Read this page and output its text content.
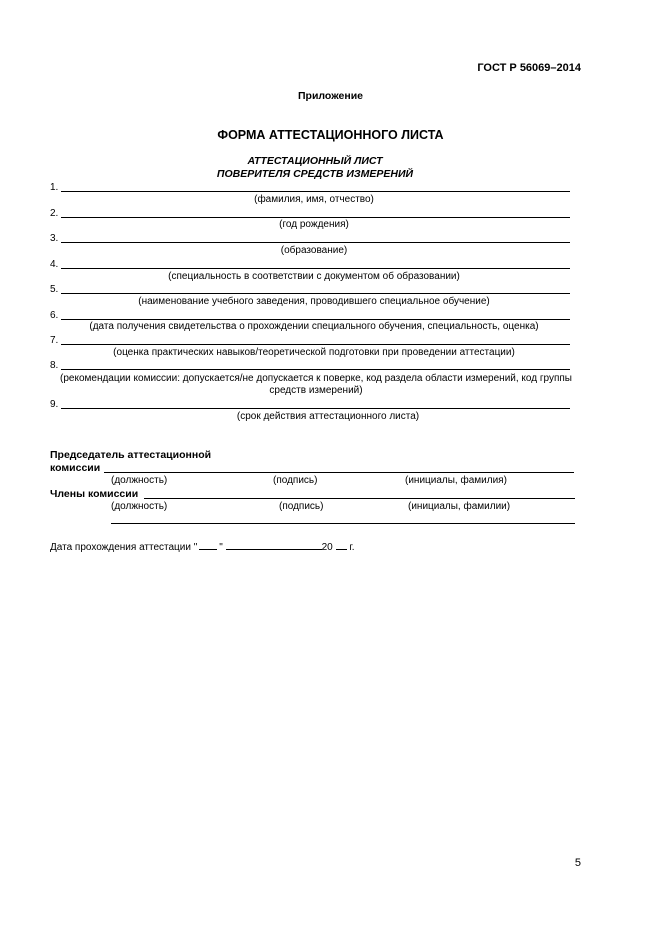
ГОСТ Р 56069–2014
Приложение
ФОРМА АТТЕСТАЦИОННОГО ЛИСТА
АТТЕСТАЦИОННЫЙ ЛИСТ
ПОВЕРИТЕЛЯ СРЕДСТВ ИЗМЕРЕНИЙ
1.
(фамилия, имя, отчество)
2.
(год рождения)
3.
(образование)
4.
(специальность в соответствии с документом об образовании)
5.
(наименование учебного заведения, проводившего специальное обучение)
6.
(дата получения свидетельства о прохождении специального обучения, специальность, оценка)
7.
(оценка практических навыков/теоретической подготовки при проведении аттестации)
8.
(рекомендации комиссии: допускается/не допускается к поверке, код раздела области измерений, код группы средств измерений)
9.
(срок действия аттестационного листа)
Председатель аттестационной
комиссии
(должность)	(подпись)	(инициалы, фамилия)
Члены комиссии
(должность)	(подпись)	(инициалы, фамилии)
Дата прохождения аттестации " "	20 г.
5
